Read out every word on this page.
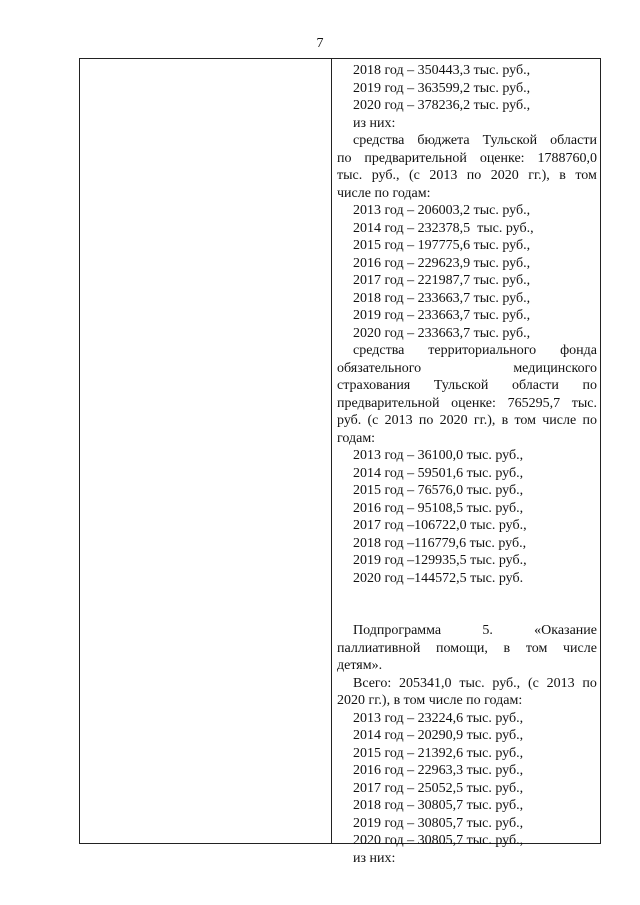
7
2018 год – 350443,3 тыс. руб.,
2019 год – 363599,2 тыс. руб.,
2020 год – 378236,2 тыс. руб.,
из них:
средства бюджета Тульской области
по предварительной оценке: 1788760,0
тыс. руб., (с 2013 по 2020 гг.), в том
числе по годам:
2013 год – 206003,2 тыс. руб.,
2014 год – 232378,5  тыс. руб.,
2015 год – 197775,6 тыс. руб.,
2016 год – 229623,9 тыс. руб.,
2017 год – 221987,7 тыс. руб.,
2018 год – 233663,7 тыс. руб.,
2019 год – 233663,7 тыс. руб.,
2020 год – 233663,7 тыс. руб.,
средства территориального фонда
обязательного	медицинского
страхования Тульской области по
предварительной оценке: 765295,7 тыс.
руб. (с 2013 по 2020 гг.), в том числе по
годам:
2013 год – 36100,0 тыс. руб.,
2014 год – 59501,6 тыс. руб.,
2015 год – 76576,0 тыс. руб.,
2016 год – 95108,5 тыс. руб.,
2017 год –106722,0 тыс. руб.,
2018 год –116779,6 тыс. руб.,
2019 год –129935,5 тыс. руб.,
2020 год –144572,5 тыс. руб.
Подпрограмма	5.	«Оказание
паллиативной помощи, в том числе
детям».
Всего: 205341,0 тыс. руб., (с 2013 по
2020 гг.), в том числе по годам:
2013 год – 23224,6 тыс. руб.,
2014 год – 20290,9 тыс. руб.,
2015 год – 21392,6 тыс. руб.,
2016 год – 22963,3 тыс. руб.,
2017 год – 25052,5 тыс. руб.,
2018 год – 30805,7 тыс. руб.,
2019 год – 30805,7 тыс. руб.,
2020 год – 30805,7 тыс. руб.,
из них:
